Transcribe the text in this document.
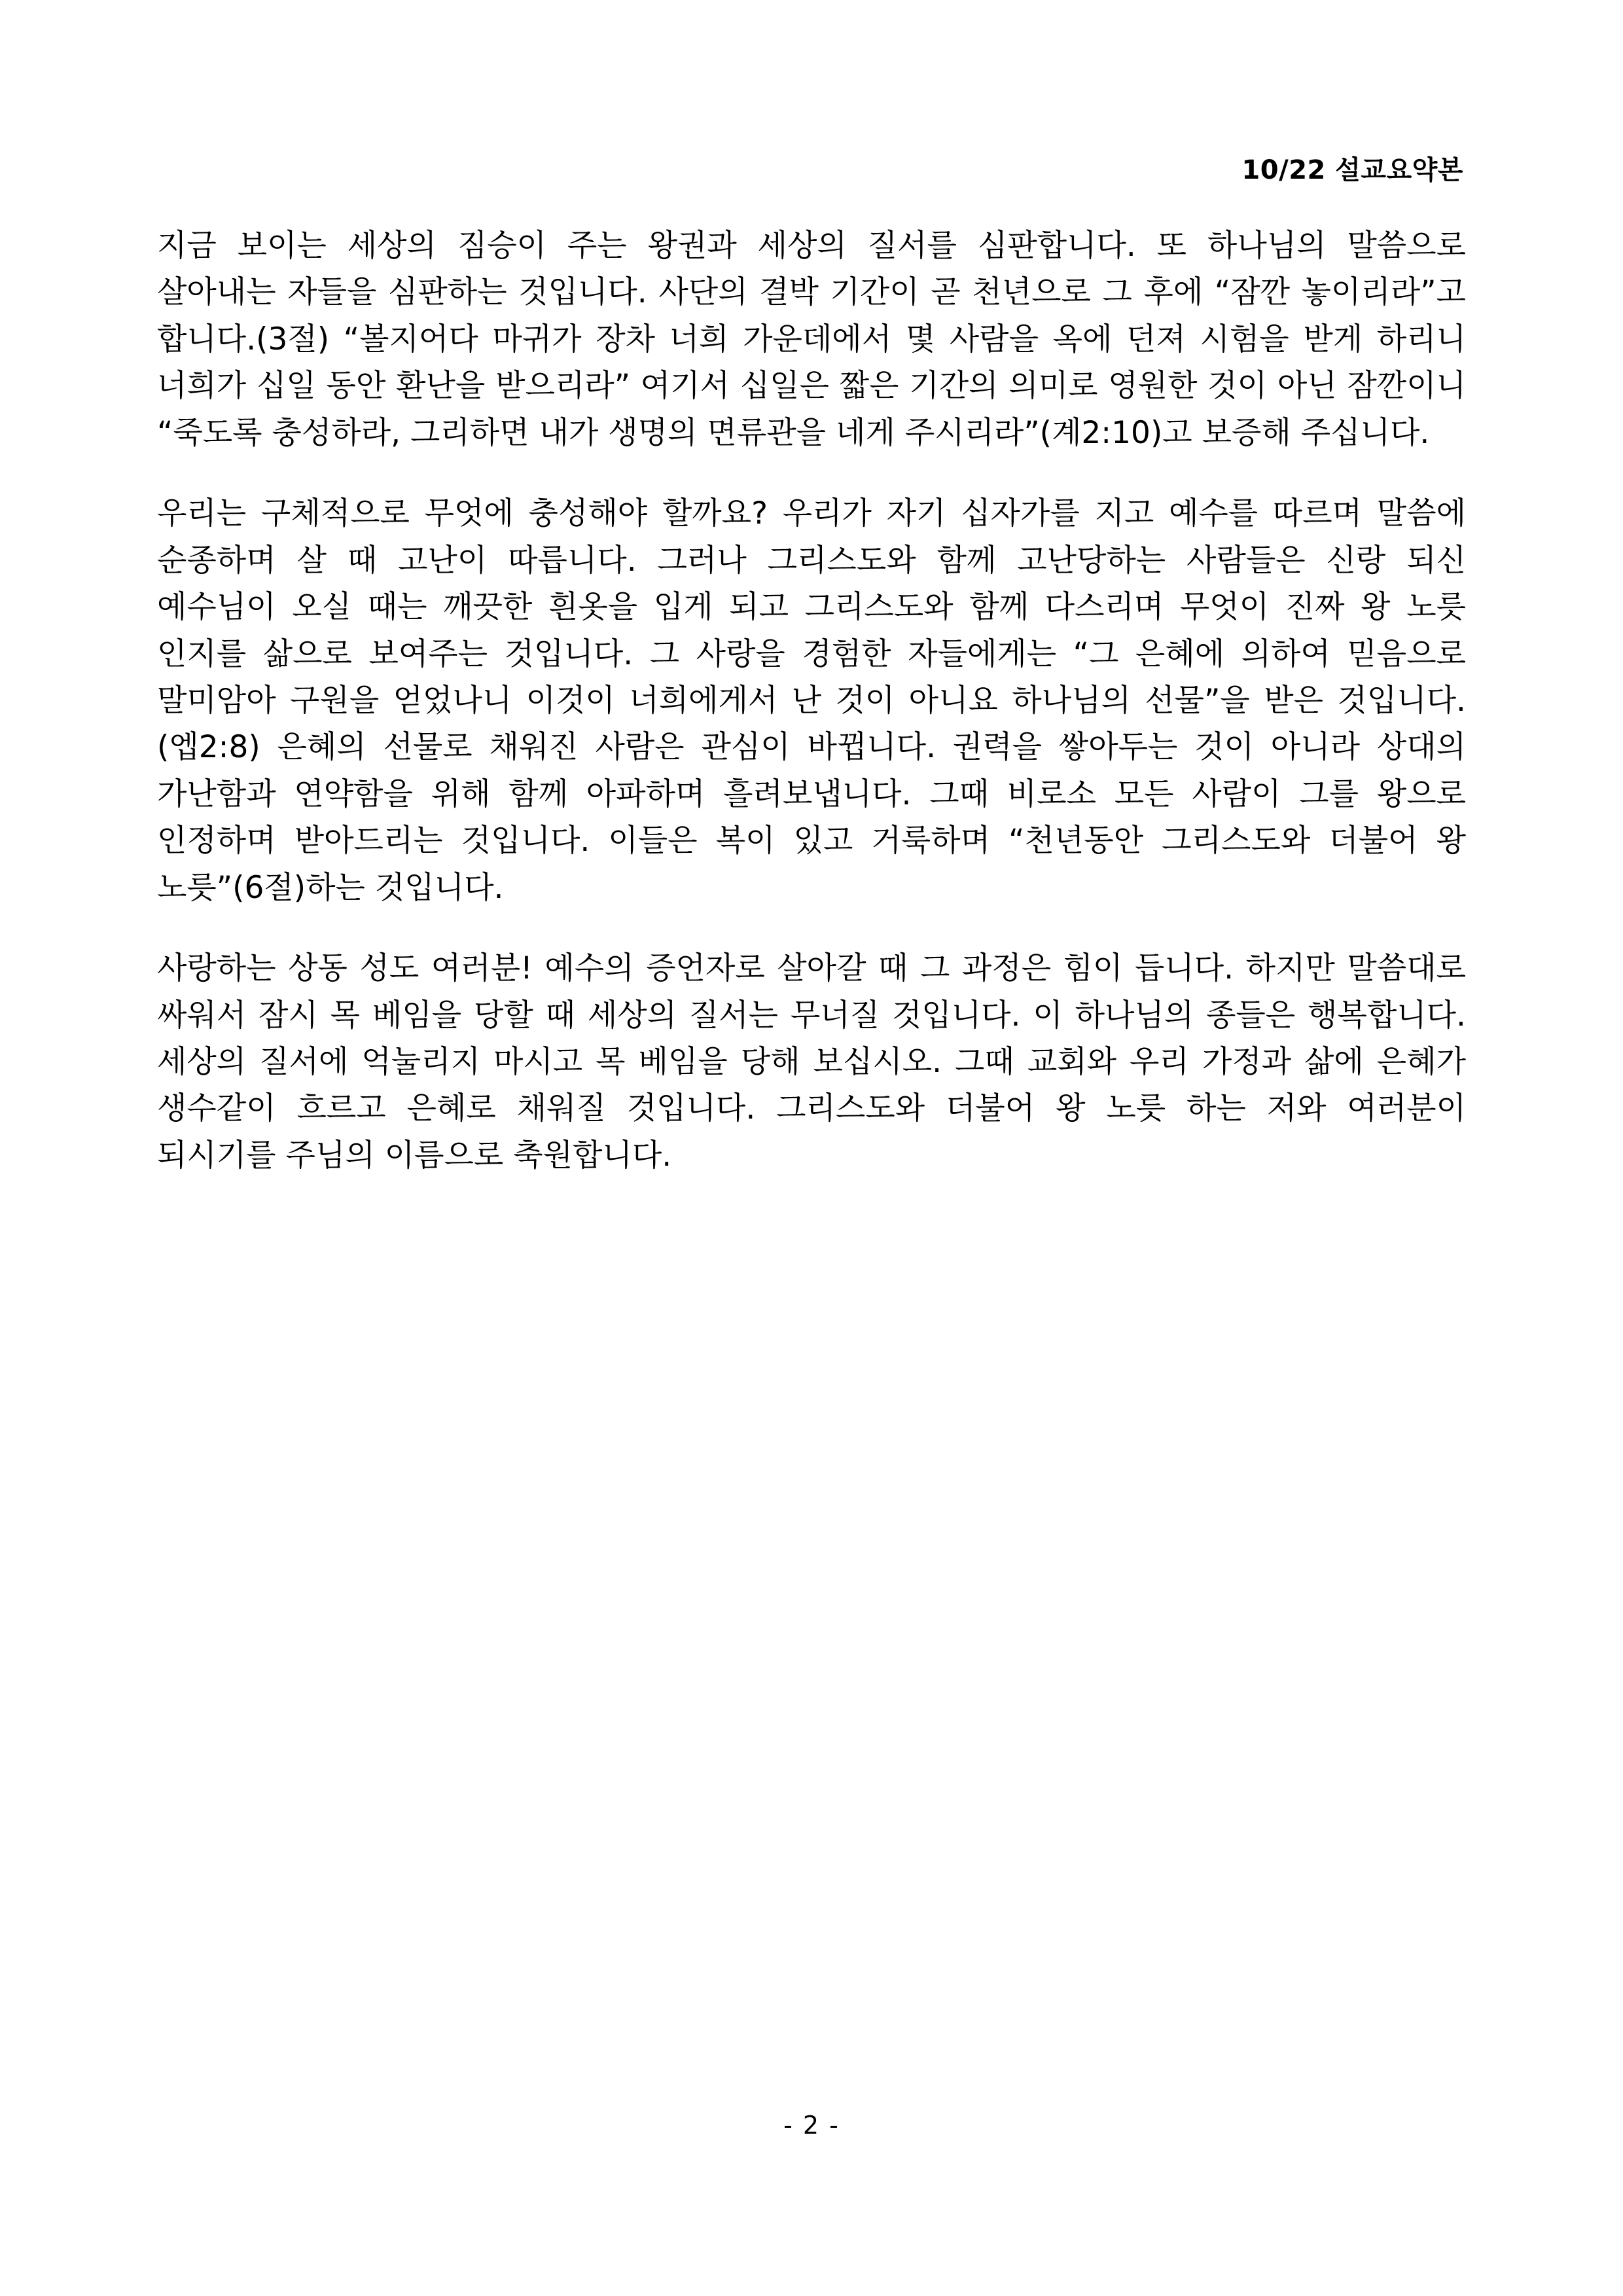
10/22 설교요약본

지금 보이는 세상의 짐승이 주는 왕권과 세상의 질서를 심판합니다. 또 하나님의 말씀으로 살아내는 자들을 심판하는 것입니다. 사단의 결박 기간이 곧 천년으로 그 후에 “잠깐 놓이리라”고 합니다.(3절) “볼지어다 마귀가 장차 너희 가운데에서 몇 사람을 옥에 던져 시험을 받게 하리니 너희가 십일 동안 환난을 받으리라” 여기서 십일은 짧은 기간의 의미로 영원한 것이 아닌 잠깐이니 “죽도록 충성하라, 그리하면 내가 생명의 면류관을 네게 주시리라”(계2:10)고 보증해 주십니다.

우리는 구체적으로 무엇에 충성해야 할까요? 우리가 자기 십자가를 지고 예수를 따르며 말씀에 순종하며 살 때 고난이 따릅니다. 그러나 그리스도와 함께 고난당하는 사람들은 신랑 되신 예수님이 오실 때는 깨끗한 흰옷을 입게 되고 그리스도와 함께 다스리며 무엇이 진짜 왕 노릇 인지를 삶으로 보여주는 것입니다. 그 사랑을 경험한 자들에게는 “그 은혜에 의하여 믿음으로 말미암아 구원을 얻었나니 이것이 너희에게서 난 것이 아니요 하나님의 선물”을 받은 것입니다.(엡2:8) 은혜의 선물로 채워진 사람은 관심이 바뀝니다. 권력을 쌓아두는 것이 아니라 상대의 가난함과 연약함을 위해 함께 아파하며 흘려보냅니다. 그때 비로소 모든 사람이 그를 왕으로 인정하며 받아드리는 것입니다. 이들은 복이 있고 거룩하며 “천년동안 그리스도와 더불어 왕 노릇”(6절)하는 것입니다.

사랑하는 상동 성도 여러분! 예수의 증언자로 살아갈 때 그 과정은 힘이 듭니다. 하지만 말씀대로 싸워서 잠시 목 베임을 당할 때 세상의 질서는 무너질 것입니다. 이 하나님의 종들은 행복합니다. 세상의 질서에 억눌리지 마시고 목 베임을 당해 보십시오. 그때 교회와 우리 가정과 삶에 은혜가 생수같이 흐르고 은혜로 채워질 것입니다. 그리스도와 더불어 왕 노릇 하는 저와 여러분이 되시기를 주님의 이름으로 축원합니다.

- 2 -
